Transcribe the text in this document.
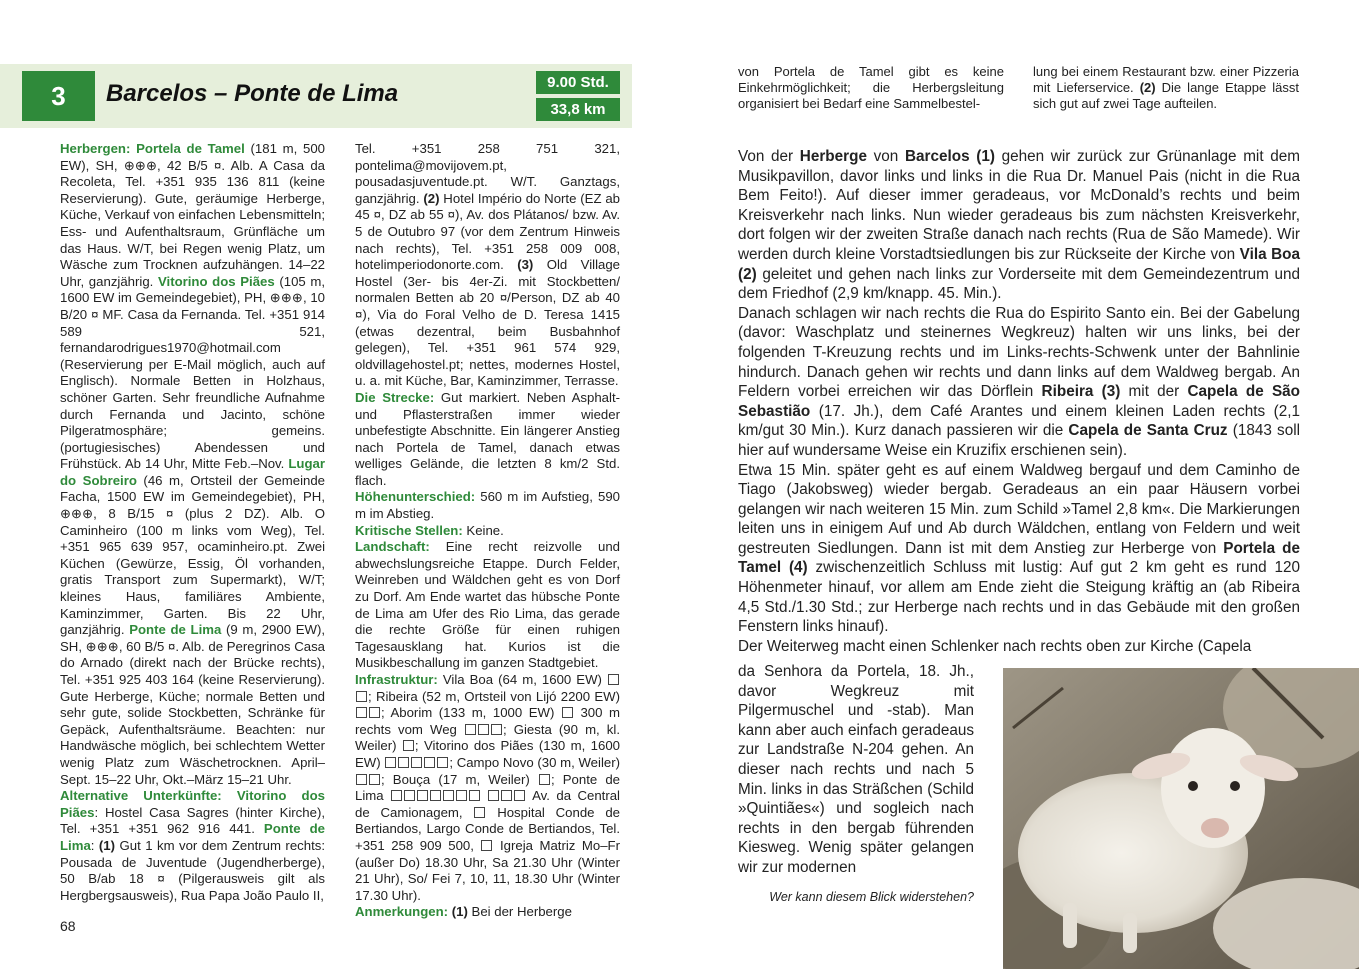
3	Barcelos – Ponte de Lima	9.00 Std.
33,8 km

Herbergen: Portela de Tamel (181 m, 500 EW), SH, ⊕⊕⊕, 42 B/5 ¤. Alb. A Casa da Recoleta, Tel. +351 935 136 811 (keine Reservierung). Gute, geräumige Herberge, Küche, Verkauf von einfachen Lebensmitteln; Ess- und Aufenthaltsraum, Grünfläche um das Haus. W/T, bei Regen wenig Platz, um Wäsche zum Trocknen aufzuhängen. 14–22 Uhr, ganzjährig. Vitorino dos Piães (105 m, 1600 EW im Gemeindegebiet), PH, ⊕⊕⊕, 10 B/20 ¤ MF. Casa da Fernanda. Tel. +351 914 589 521, fernandarodrigues1970@hotmail.com (Reservierung per E-Mail möglich, auch auf Englisch). Normale Betten in Holzhaus, schöner Garten. Sehr freundliche Aufnahme durch Fernanda und Jacinto, schöne Pilgeratmosphäre; gemeins. (portugiesisches) Abendessen und Frühstück. Ab 14 Uhr, Mitte Feb.–Nov. Lugar do Sobreiro (46 m, Ortsteil der Gemeinde Facha, 1500 EW im Gemeindegebiet), PH, ⊕⊕⊕, 8 B/15 ¤ (plus 2 DZ). Alb. O Caminheiro (100 m links vom Weg), Tel. +351 965 639 957, ocaminheiro.pt. Zwei Küchen (Gewürze, Essig, Öl vorhanden, gratis Transport zum Supermarkt), W/T; kleines Haus, familiäres Ambiente, Kaminzimmer, Garten. Bis 22 Uhr, ganzjährig. Ponte de Lima (9 m, 2900 EW), SH, ⊕⊕⊕, 60 B/5 ¤. Alb. de Peregrinos Casa do Arnado (direkt nach der Brücke rechts), Tel. +351 925 403 164 (keine Reservierung). Gute Herberge, Küche; normale Betten und sehr gute, solide Stockbetten, Schränke für Gepäck, Aufenthaltsräume. Beachten: nur Handwäsche möglich, bei schlechtem Wetter wenig Platz zum Wäschetrocknen. April–Sept. 15–22 Uhr, Okt.–März 15–21 Uhr.

Alternative Unterkünfte: Vitorino dos Piães: Hostel Casa Sagres (hinter Kirche), Tel. +351 +351 962 916 441. Ponte de Lima: (1) Gut 1 km vor dem Zentrum rechts: Pousada de Juventude (Jugendherberge), 50 B/ab 18 ¤ (Pilgerausweis gilt als Hergbergsausweis), Rua Papa João Paulo II,

68

Tel. +351 258 751 321, pontelima@movijovem.pt, pousadasjuventude.pt. W/T. Ganztags, ganzjährig. (2) Hotel Império do Norte (EZ ab 45 ¤, DZ ab 55 ¤), Av. dos Plátanos/ bzw. Av. 5 de Outubro 97 (vor dem Zentrum Hinweis nach rechts), Tel. +351 258 009 008, hotelimperiodonorte.com. (3) Old Village Hostel (3er- bis 4er-Zi. mit Stockbetten/ normalen Betten ab 20 ¤/Person, DZ ab 40 ¤), Via do Foral Velho de D. Teresa 1415 (etwas dezentral, beim Busbahnhof gelegen), Tel. +351 961 574 929, oldvillagehostel.pt; nettes, modernes Hostel, u. a. mit Küche, Bar, Kaminzimmer, Terrasse.

Die Strecke: Gut markiert. Neben Asphalt- und Pflasterstraßen immer wieder unbefestigte Abschnitte. Ein längerer Anstieg nach Portela de Tamel, danach etwas welliges Gelände, die letzten 8 km/2 Std. flach.

Höhenunterschied: 560 m im Aufstieg, 590 m im Abstieg.

Kritische Stellen: Keine.

Landschaft: Eine recht reizvolle und abwechslungsreiche Etappe. Durch Felder, Weinreben und Wäldchen geht es von Dorf zu Dorf. Am Ende wartet das hübsche Ponte de Lima am Ufer des Rio Lima, das gerade die rechte Größe für einen ruhigen Tagesausklang hat. Kurios ist die Musikbeschallung im ganzen Stadtgebiet.

Infrastruktur: Vila Boa (64 m, 1600 EW) ; Ribeira (52 m, Ortsteil von Lijó 2200 EW) ; Aborim (133 m, 1000 EW)  300 m rechts vom Weg	; Giesta (90 m, kl. Weiler) ; Vitorino dos Piães (130 m, 1600 EW)	; Campo Novo (30 m, Weiler) ; Bouça (17 m, Weiler) ; Ponte de Lima	Av. da Central de Camionagem,  Hospital Conde de Bertiandos, Largo Conde de Bertiandos, Tel. +351 258 909 500,  Igreja Matriz Mo–Fr (außer Do) 18.30 Uhr, Sa 21.30 Uhr (Winter 21 Uhr), So/ Fei 7, 10, 11, 18.30 Uhr (Winter 17.30 Uhr).

Anmerkungen: (1) Bei der Herberge

von Portela de Tamel gibt es keine Einkehrmöglichkeit; die Herbergsleitung organisiert bei Bedarf eine Sammelbestel-
lung bei einem Restaurant bzw. einer Pizzeria mit Lieferservice. (2) Die lange Etappe lässt sich gut auf zwei Tage aufteilen.

Von der Herberge von Barcelos (1) gehen wir zurück zur Grünanlage mit dem Musikpavillon, davor links und links in die Rua Dr. Manuel Pais (nicht in die Rua Bem Feito!). Auf dieser immer geradeaus, vor McDonald’s rechts und beim Kreisverkehr nach links. Nun wieder geradeaus bis zum nächsten Kreisverkehr, dort folgen wir der zweiten Straße danach nach rechts (Rua de São Mamede). Wir werden durch kleine Vorstadtsiedlungen bis zur Rückseite der Kirche von Vila Boa (2) geleitet und gehen nach links zur Vorderseite mit dem Gemeindezentrum und dem Friedhof (2,9 km/knapp. 45. Min.).

Danach schlagen wir nach rechts die Rua do Espirito Santo ein. Bei der Gabelung (davor: Waschplatz und steinernes Wegkreuz) halten wir uns links, bei der folgenden T-Kreuzung rechts und im Links-rechts-Schwenk unter der Bahnlinie hindurch. Danach gehen wir rechts und dann links auf dem Waldweg bergab. An Feldern vorbei erreichen wir das Dörflein Ribeira (3) mit der Capela de São Sebastião (17. Jh.), dem Café Arantes und einem kleinen Laden rechts (2,1 km/gut 30 Min.). Kurz danach passieren wir die Capela de Santa Cruz (1843 soll hier auf wundersame Weise ein Kruzifix erschienen sein).

Etwa 15 Min. später geht es auf einem Waldweg bergauf und dem Caminho de Tiago (Jakobsweg) wieder bergab. Geradeaus an ein paar Häusern vorbei gelangen wir nach weiteren 15 Min. zum Schild »Tamel 2,8 km«. Die Markierungen leiten uns in einigem Auf und Ab durch Wäldchen, entlang von Feldern und weit gestreuten Siedlungen. Dann ist mit dem Anstieg zur Herberge von Portela de Tamel (4) zwischenzeitlich Schluss mit lustig: Auf gut 2 km geht es rund 120 Höhenmeter hinauf, vor allem am Ende zieht die Steigung kräftig an (ab Ribeira 4,5 Std./1.30 Std.; zur Herberge nach rechts und in das Gebäude mit den großen Fenstern links hinauf).

Der Weiterweg macht einen Schlenker nach rechts oben zur Kirche (Capela

da Senhora da Portela, 18. Jh., davor Wegkreuz mit Pilgermuschel und -stab). Man kann aber auch einfach geradeaus zur Landstraße N-204 gehen. An dieser nach rechts und nach 5 Min. links in das Sträßchen (Schild »Quintiães«) und sogleich nach rechts in den bergab führenden Kiesweg. Wenig später gelangen wir zur modernen
Wer kann diesem Blick widerstehen?
